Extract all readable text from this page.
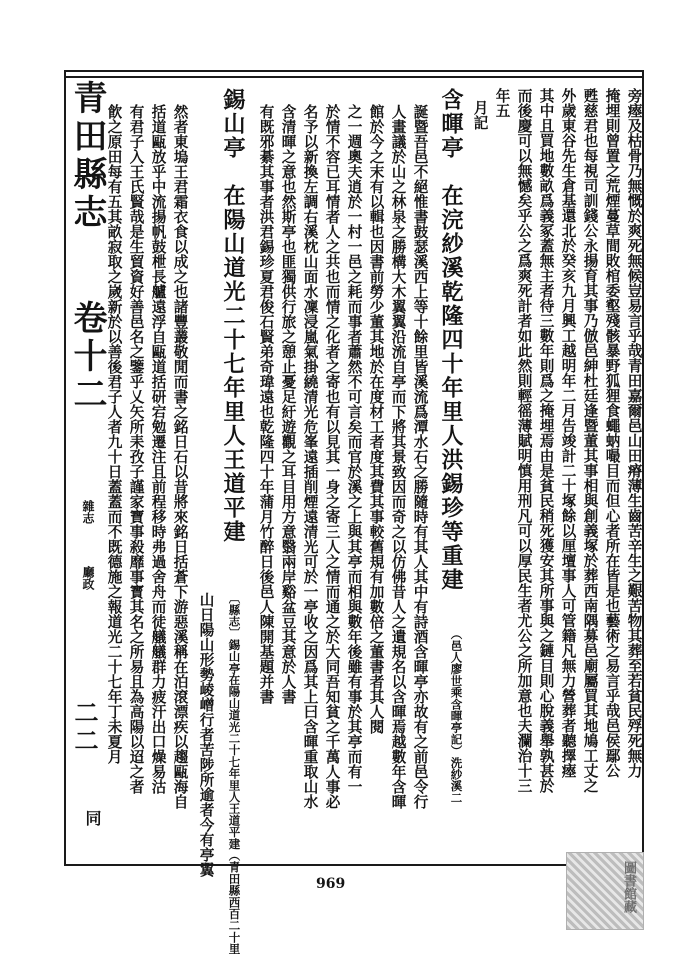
旁瘞及枯骨乃無慨於爽死無候豈易言乎哉青田嘉爾邑山田瘠薄生齒苦辛生之艱苦物其葬至若貧民殍死無力
掩埋則曾置之荒煙蔓草間敗棺委壑殘骸暴野狐狸食蠅蚋嘬目而但心者所在皆是也藝術之易言乎哉邑侯鄢公
甦慈君也每視司訓錢公永揚育其事乃倣邑紳杜廷逢暨董其事相與創義塚於葬西南隅募邑廟屬買其地鳩工丈之
外歲東谷先生倉基還北於癸亥九月興工越明年二月告竣計二十塚餘以厘壇事人可管籍凡無力營葬者聽擇瘞
其中且買地數畝爲義冢蓋無主者待三數年則爲之掩埋焉由是貧民稍死獲安其所事與之鏈目則心脫義舉孰甚於
而後慶可以無憾矣乎公之爲爽死計者如此然則輕徭薄賦明慎用刑凡可以厚民生者尤公之所加意也夫瀾治十三
年五
月記
含暉亭　在浣紗溪乾隆四十年里人洪錫珍等重建
（邑人廖世乘含暉亭記）洗紗溪二
誕暨吾邑不絕惟書鼓瑟溪西上等十餘里皆溪流爲潭水石之勝隨時有其人其中有詩酒含暉亭亦故有之前邑令行
人畫議於山之林泉之勝構大木翼翼沿流自亭而下將其景致因而奇之以仿佛昔人之遺規名以含暉焉越數年含暉
館於今之末有以輯也因書前勞少董其地於在度材工者度其費其事較舊規有加數倍之董書者其人閱
之一週奧夫逍於一村一邑之耗而事者蕭然不可言矣而官於溪之上與其亭而相與數年後雖有事於其亭而有一
於情不容已耳情者人之共也而情之化者之寄也有以見其一身之寄三人之情而通之於大同吾知貧之千萬人事必
名予以新換左調右溪枕山面水凜浸嵐氣掛繞清光危峯遠插削煙遠清光可於一亭收之因爲其上曰含暉重取山水
含清暉之意也然斯亭也匪獨供行旅之憩止憂足紆遊觀之耳目用方意翳兩岸谿盆豆其意於人書
有既邪綦其事者洪君錫珍夏君俊石賢弟奇瑋遠也乾隆四十年蒲月竹醉日後邑人陳開基題并書
錫山亭　在陽山道光二十七年里人王道平建
〔縣志〕錫山亭在陽山道光二十七年里人王道平建（青田縣西百二十里
山日陽山形勢崚嶒行者苦陟所逾者今有亭翼
然者東塢王君霜衣食以成之也諸豐叢敬閒而書之銘日石以昔將來銘日括蒼下游惡溪稱在泊滾漂疾以趨甌海自
括道甌放乎中流揚帆鼓枻長艫遠浮自甌道括研宕勉遷注且前程移時弗過舍舟而徒艤艤群力疲汗出口燥易沽
有君子入王氏賢哉是生貿資好善邑名之鑒乎乂矢所耒孜子謹家寶事殺靡事寳其名之所易且為高陽以迢之者
飮之原田每有五其畝寂取之嵗新於以善後君子人者九十日蓋蓋而不既德施之報道光二十七年丁未夏月
青田縣志
卷十二
雜志
廳政
二二
同
969	圖書館藏
